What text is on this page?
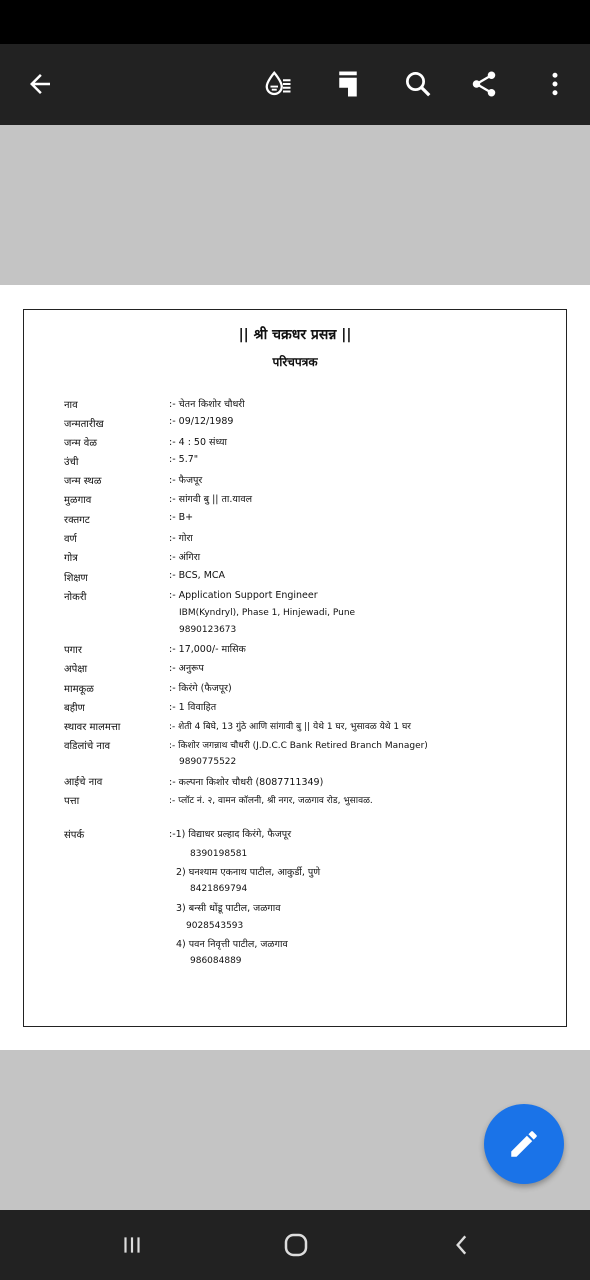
|| श्री चक्रधर प्रसन्न ||
परिचपत्रक
नाव	:- चेतन किशोर चौधरी
जन्मतारीख	:- 09/12/1989
जन्म वेळ	:- 4 : 50 संध्या
उंची	:- 5.7"
जन्म स्थळ	:- फैजपूर
मुळगाव	:- सांगवी बु || ता.यावल
रक्तगट	:- B+
वर्ण	:- गोरा
गोत्र	:- अंगिरा
शिक्षण	:- BCS, MCA
नोकरी	:- Application Support Engineer
IBM(Kyndryl), Phase 1, Hinjewadi, Pune
9890123673
पगार	:- 17,000/- मासिक
अपेक्षा	:- अनुरूप
मामकूळ	:- किरंगे (फैजपूर)
बहीण	:- 1 विवाहित
स्थावर मालमत्ता	:- शेती 4 बिघे, 13 गुंठे आणि सांगावी बु || येथे 1 घर, भुसावळ येथे 1 घर
वडिलांचे नाव	:- किशोर जगन्नाथ चौधरी (J.D.C.C Bank Retired Branch Manager)
9890775522
आईचे नाव	:- कल्पना किशोर चौधरी (8087711349)
पत्ता	:- प्लॉट नं. २, वामन कॉलनी, श्री नगर, जळगाव रोड, भुसावळ.
संपर्क	:-1) विद्याधर प्रल्हाद किरंगे, फैजपूर
8390198581
2) घनश्याम एकनाथ पाटील, आकुर्डी, पुणे
8421869794
3) बन्सी धोंडू पाटील, जळगाव
9028543593
4) पवन निवृत्ती पाटील, जळगाव
986084889
